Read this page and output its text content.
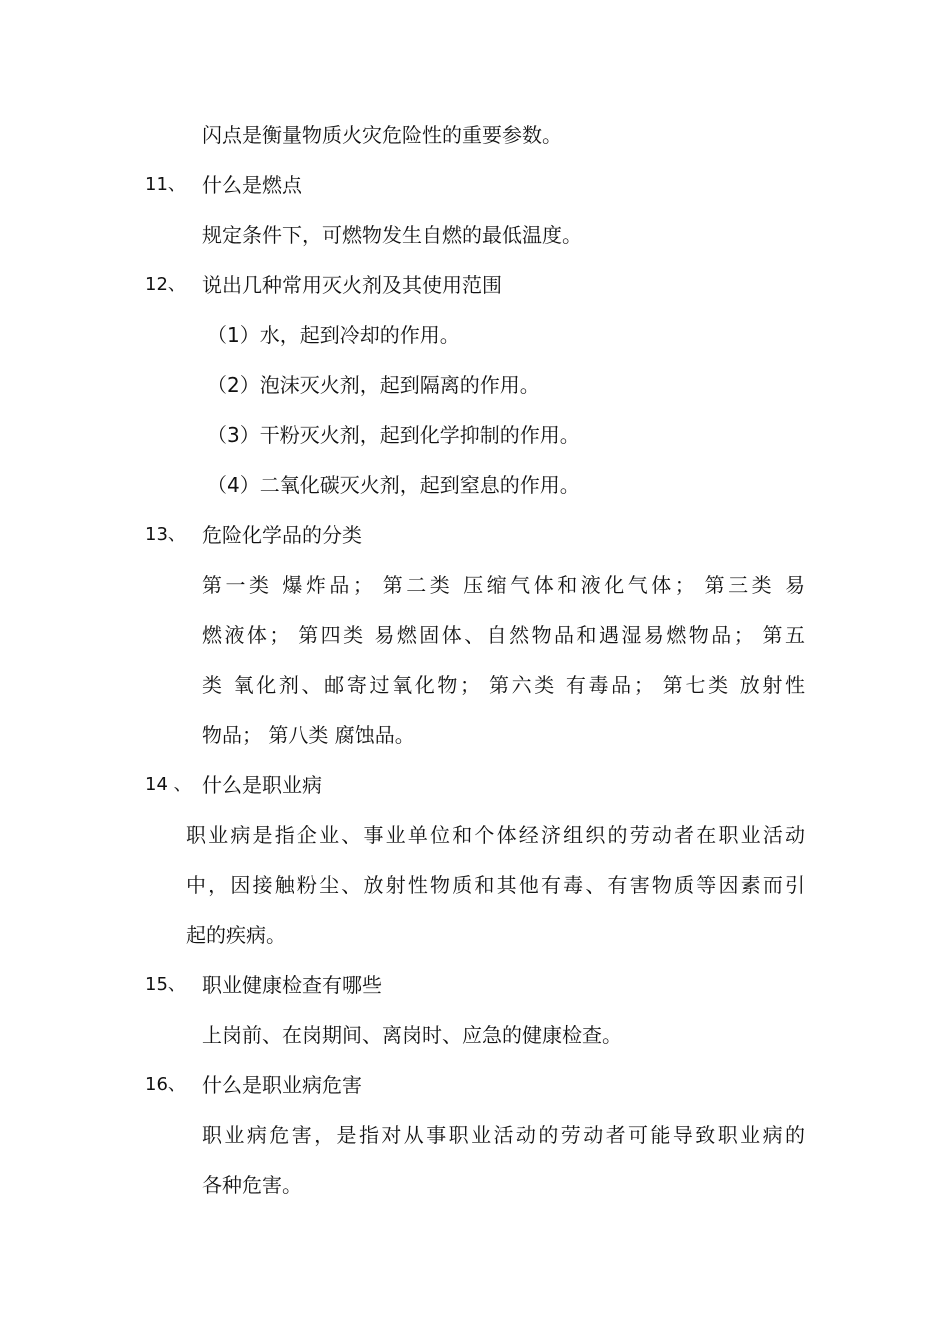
闪点是衡量物质火灾危险性的重要参数。
11、 什么是燃点
规定条件下，可燃物发生自燃的最低温度。
12、 说出几种常用灭火剂及其使用范围
（1）水，起到冷却的作用。
（2）泡沫灭火剂，起到隔离的作用。
（3）干粉灭火剂，起到化学抑制的作用。
（4）二氧化碳灭火剂，起到窒息的作用。
13、 危险化学品的分类
第一类 爆炸品； 第二类 压缩气体和液化气体； 第三类 易
燃液体； 第四类 易燃固体、自然物品和遇湿易燃物品； 第五
类 氧化剂、邮寄过氧化物； 第六类 有毒品； 第七类 放射性
物品； 第八类 腐蚀品。
14 、 什么是职业病
职业病是指企业、事业单位和个体经济组织的劳动者在职业活动
中，因接触粉尘、放射性物质和其他有毒、有害物质等因素而引
起的疾病。
15、 职业健康检查有哪些
上岗前、在岗期间、离岗时、应急的健康检查。
16、 什么是职业病危害
职业病危害，是指对从事职业活动的劳动者可能导致职业病的
各种危害。
